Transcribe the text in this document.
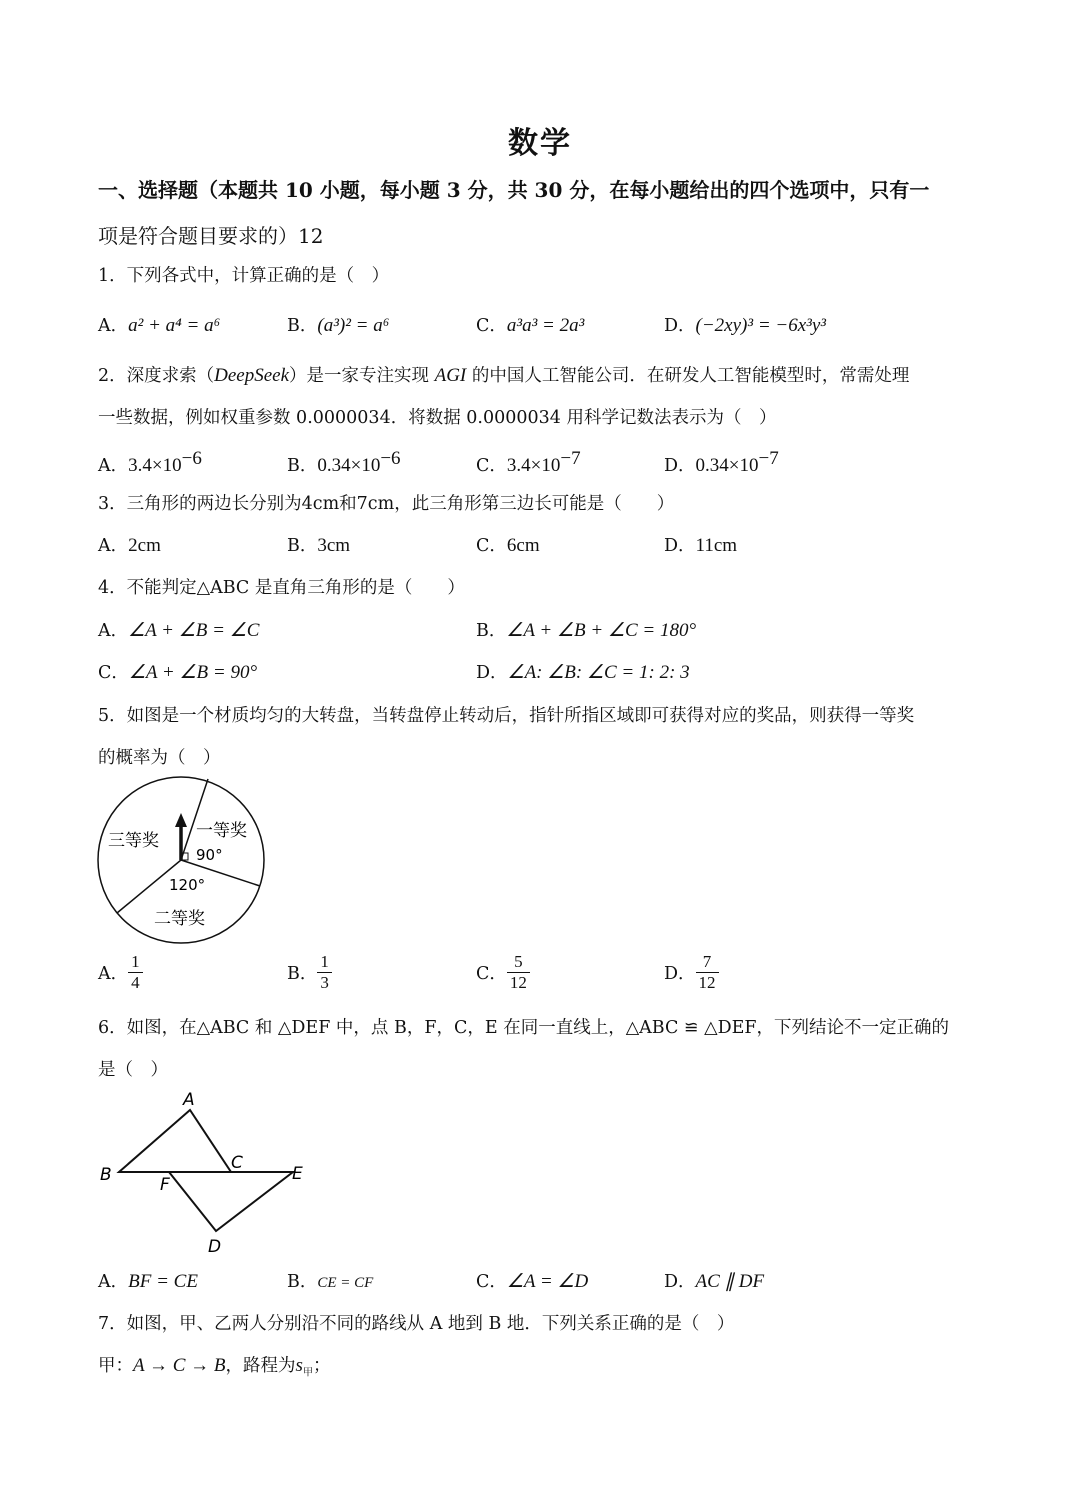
数学
一、选择题（本题共 10 小题，每小题 3 分，共 30 分，在每小题给出的四个选项中，只有一
项是符合题目要求的）12
1．下列各式中，计算正确的是（　）
A．a² + a⁴ = a⁶	B．(a³)² = a⁶	C．a³a³ = 2a³	D．(−2xy)³ = −6x³y³
2．深度求索（DeepSeek）是一家专注实现 AGI 的中国人工智能公司．在研发人工智能模型时，常需处理
一些数据，例如权重参数 0.0000034．将数据 0.0000034 用科学记数法表示为（　）
A．$3.4\times 10^{-6}$	B．$0.34\times 10^{-6}$	C．$3.4\times 10^{-7}$	D．$0.34\times 10^{-7}$
3．三角形的两边长分别为4cm和7cm，此三角形第三边长可能是（　　）
A．2cm	B．3cm	C．6cm	D．11cm
4．不能判定△ABC 是直角三角形的是（　　）
A．∠A + ∠B = ∠C	B．∠A + ∠B + ∠C = 180°
C．∠A + ∠B = 90°	D．∠A: ∠B: ∠C = 1: 2: 3
5．如图是一个材质均匀的大转盘，当转盘停止转动后，指针所指区域即可获得对应的奖品，则获得一等奖
的概率为（　）
三等奖 一等奖
90°
120°
二等奖
A． $\frac{1}{4}$	B． $\frac{1}{3}$	C． $\frac{5}{12}$	D． $\frac{7}{12}$
6．如图，在△ABC 和 △DEF 中，点 B，F，C，E 在同一直线上，△ABC ≌ △DEF，下列结论不一定正确的
是（　）
A
B
C
E
F
D
A．BF = CE	B．CE = CF	C．∠A = ∠D	D．AC ∥ DF
7．如图，甲、乙两人分别沿不同的路线从 A 地到 B 地．下列关系正确的是（　）
甲：A → C → B，路程为$s_甲$；
